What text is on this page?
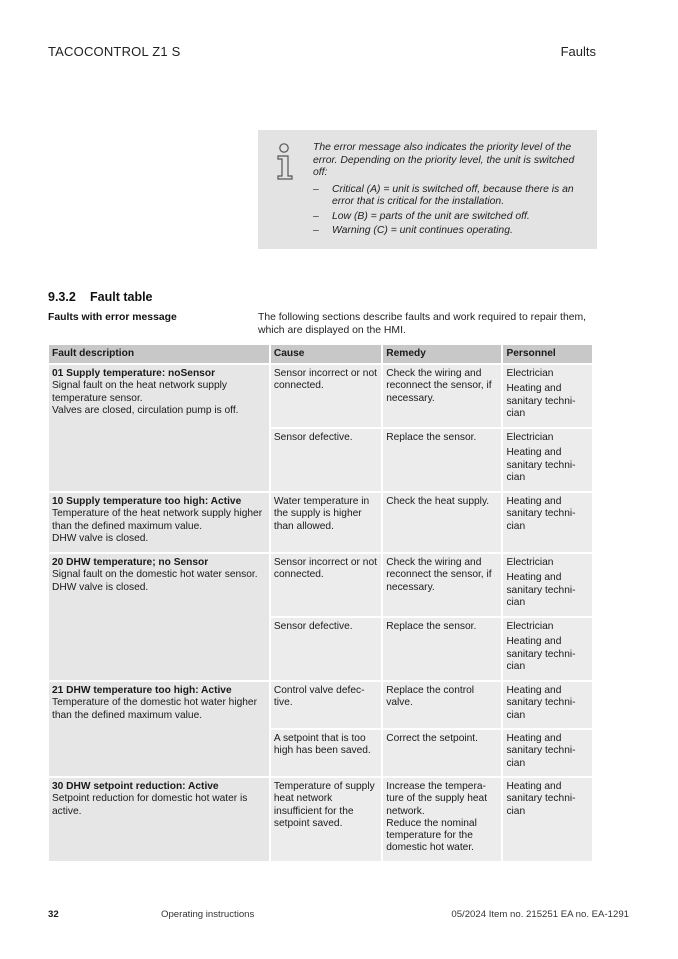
TACOCONTROL Z1 S	Faults
The error message also indicates the priority level of the error. Depending on the priority level, the unit is switched off:
– Critical (A) = unit is switched off, because there is an error that is critical for the installation.
– Low (B) = parts of the unit are switched off.
– Warning (C) = unit continues operating.
9.3.2 Fault table
Faults with error message	The following sections describe faults and work required to repair them, which are displayed on the HMI.
Fault description	Cause	Remedy	Personnel

01 Supply temperature: noSensor
Signal fault on the heat network supply temperature sensor.
Valves are closed, circulation pump is off.	Sensor incorrect or not connected.	Check the wiring and reconnect the sensor, if necessary.	Electrician
Heating and sanitary techni-cian

	Sensor defective.	Replace the sensor.	Electrician
Heating and sanitary techni-cian

10 Supply temperature too high: Active
Temperature of the heat network supply higher than the defined maximum value.
DHW valve is closed.	Water temperature in the supply is higher than allowed.	Check the heat supply.	Heating and sanitary techni-cian

20 DHW temperature; no Sensor
Signal fault on the domestic hot water sensor.
DHW valve is closed.	Sensor incorrect or not connected.	Check the wiring and reconnect the sensor, if necessary.	Electrician
Heating and sanitary techni-cian

	Sensor defective.	Replace the sensor.	Electrician
Heating and sanitary techni-cian

21 DHW temperature too high: Active
Temperature of the domestic hot water higher than the defined maximum value.	Control valve defec-tive.	Replace the control valve.	Heating and sanitary techni-cian
	A setpoint that is too high has been saved.	Correct the setpoint.	Heating and sanitary techni-cian

30 DHW setpoint reduction: Active
Setpoint reduction for domestic hot water is active.	Temperature of supply heat network insufficient for the setpoint saved.	Increase the tempera-ture of the supply heat network.
Reduce the nominal temperature for the domestic hot water.	Heating and sanitary techni-cian
32	Operating instructions	05/2024 Item no. 215251 EA no. EA-1291
